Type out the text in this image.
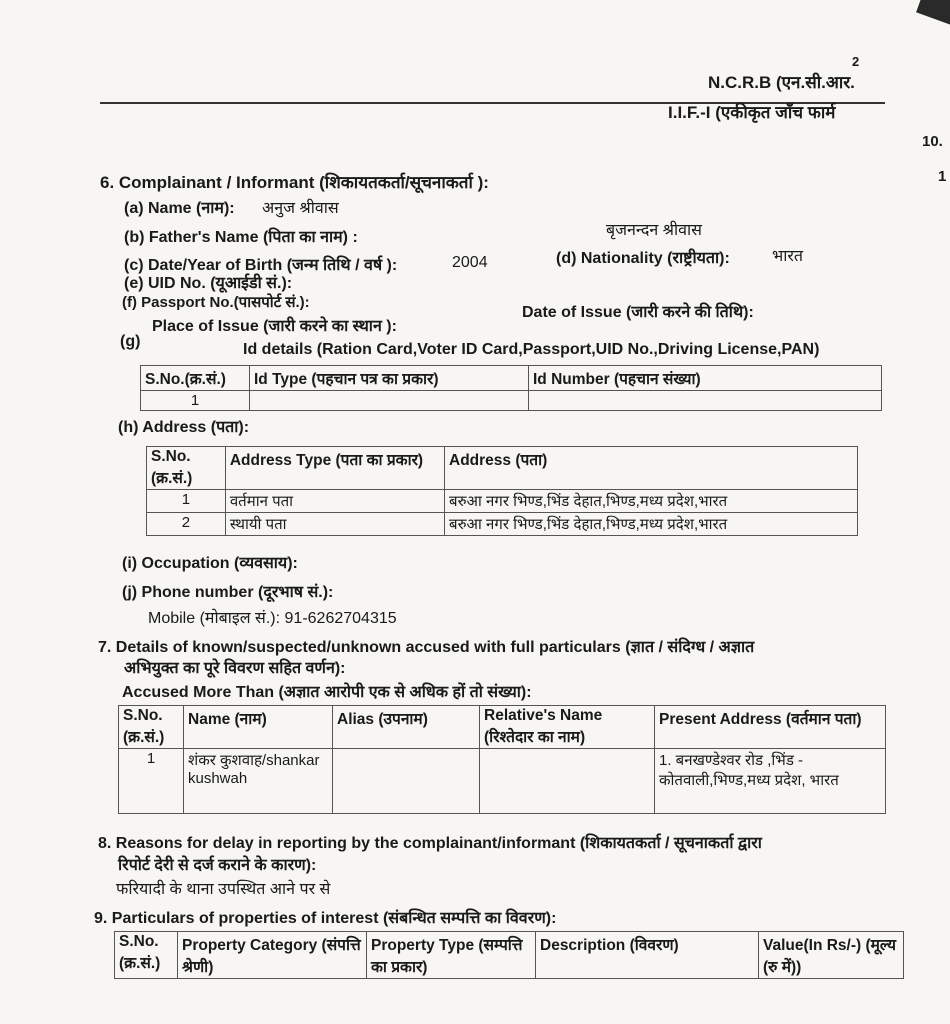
2
10.
1
N.C.R.B (एन.सी.आर.
I.I.F.-I (एकीकृत जाँच फार्म
6. Complainant / Informant (शिकायतकर्ता/सूचनाकर्ता ):
(a) Name (नाम): अनुज श्रीवास
(b) Father's Name (पिता का नाम) :	बृजनन्दन श्रीवास
(c) Date/Year of Birth (जन्म तिथि / वर्ष ):	2004	(d) Nationality (राष्ट्रीयता):	भारत
(e) UID No. (यूआईडी सं.):
(f) Passport No.(पासपोर्ट सं.):
Date of Issue (जारी करने की तिथि):
Place of Issue (जारी करने का स्थान ):
(g)	Id details (Ration Card,Voter ID Card,Passport,UID No.,Driving License,PAN)
S.No.(क्र.सं.)	Id Type (पहचान पत्र का प्रकार)	Id Number (पहचान संख्या)
1		
(h) Address (पता):
S.No. (क्र.सं.)	Address Type (पता का प्रकार)	Address (पता)
1	वर्तमान पता	बरुआ नगर भिण्ड,भिंड देहात,भिण्ड,मध्य प्रदेश,भारत
2	स्थायी पता	बरुआ नगर भिण्ड,भिंड देहात,भिण्ड,मध्य प्रदेश,भारत
(i) Occupation (व्यवसाय):
(j) Phone number (दूरभाष सं.):
Mobile (मोबाइल सं.): 91-6262704315
7. Details of known/suspected/unknown accused with full particulars (ज्ञात / संदिग्ध / अज्ञात
अभियुक्त का पूरे विवरण सहित वर्णन):
Accused More Than (अज्ञात आरोपी एक से अधिक हों तो संख्या):
S.No. (क्र.सं.)	Name (नाम)	Alias (उपनाम)	Relative's Name (रिश्तेदार का नाम)	Present Address (वर्तमान पता)
1	शंकर कुशवाह/shankar kushwah			1. बनखण्डेश्वर रोड ,भिंड - कोतवाली,भिण्ड,मध्य प्रदेश, भारत
8. Reasons for delay in reporting by the complainant/informant (शिकायतकर्ता / सूचनाकर्ता द्वारा
रिपोर्ट देरी से दर्ज कराने के कारण):
फरियादी के थाना उपस्थित आने पर से
9. Particulars of properties of interest (संबन्धित सम्पत्ति का विवरण):
S.No. (क्र.सं.)	Property Category (संपत्ति श्रेणी)	Property Type (सम्पत्ति का प्रकार)	Description (विवरण)	Value(In Rs/-) (मूल्य (रु में))
